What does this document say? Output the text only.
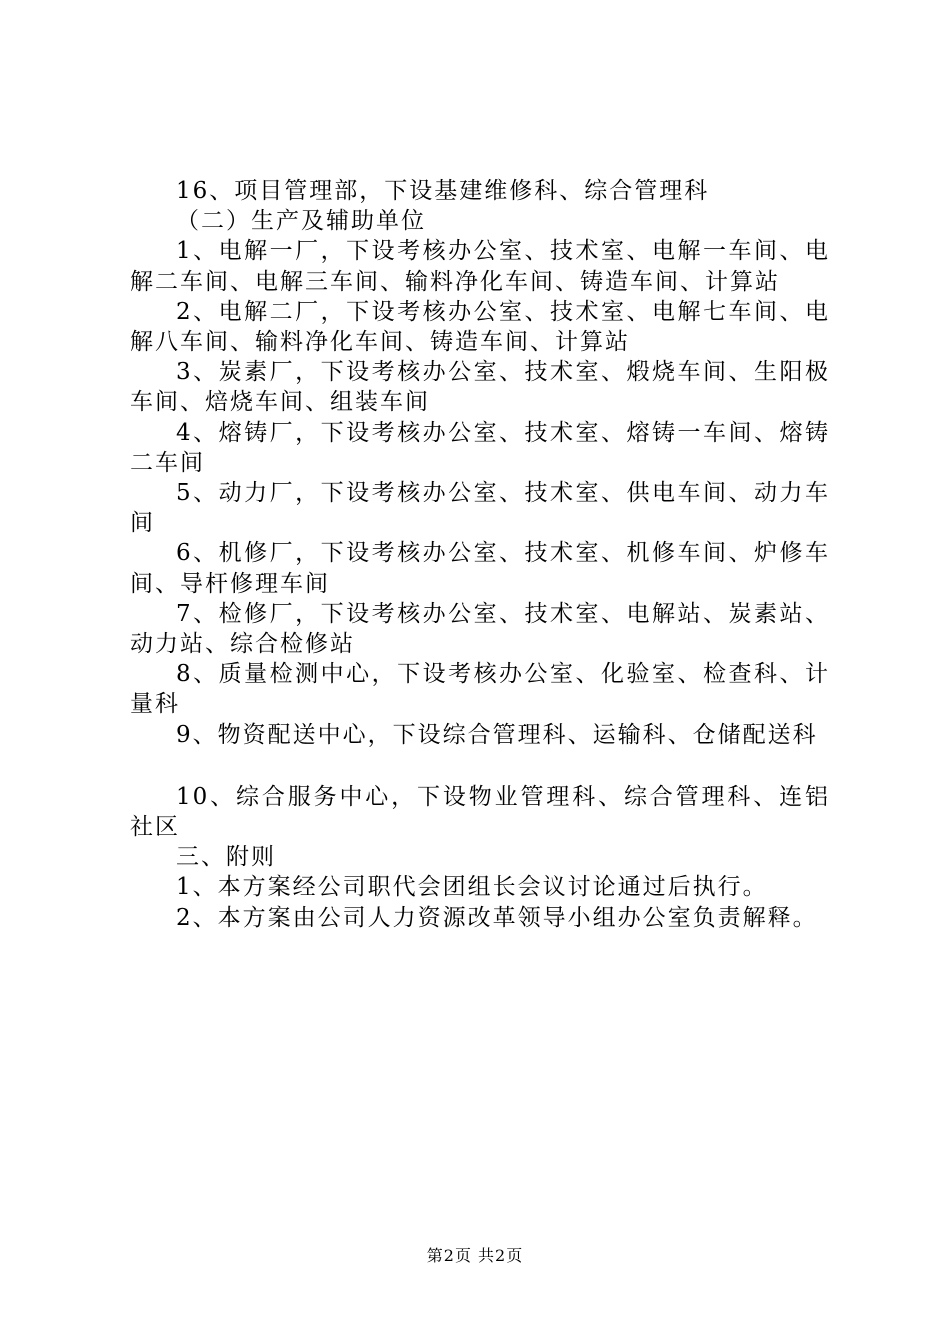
16、项目管理部，下设基建维修科、综合管理科

（二）生产及辅助单位

1、电解一厂，下设考核办公室、技术室、电解一车间、电解二车间、电解三车间、输料净化车间、铸造车间、计算站

2、电解二厂，下设考核办公室、技术室、电解七车间、电解八车间、输料净化车间、铸造车间、计算站

3、炭素厂，下设考核办公室、技术室、煅烧车间、生阳极车间、焙烧车间、组装车间

4、熔铸厂，下设考核办公室、技术室、熔铸一车间、熔铸二车间

5、动力厂，下设考核办公室、技术室、供电车间、动力车间

6、机修厂，下设考核办公室、技术室、机修车间、炉修车间、导杆修理车间

7、检修厂，下设考核办公室、技术室、电解站、炭素站、动力站、综合检修站

8、质量检测中心，下设考核办公室、化验室、检查科、计量科

9、物资配送中心，下设综合管理科、运输科、仓储配送科

10、综合服务中心，下设物业管理科、综合管理科、连铝社区

三、附则

1、本方案经公司职代会团组长会议讨论通过后执行。

2、本方案由公司人力资源改革领导小组办公室负责解释。

第2页 共2页
